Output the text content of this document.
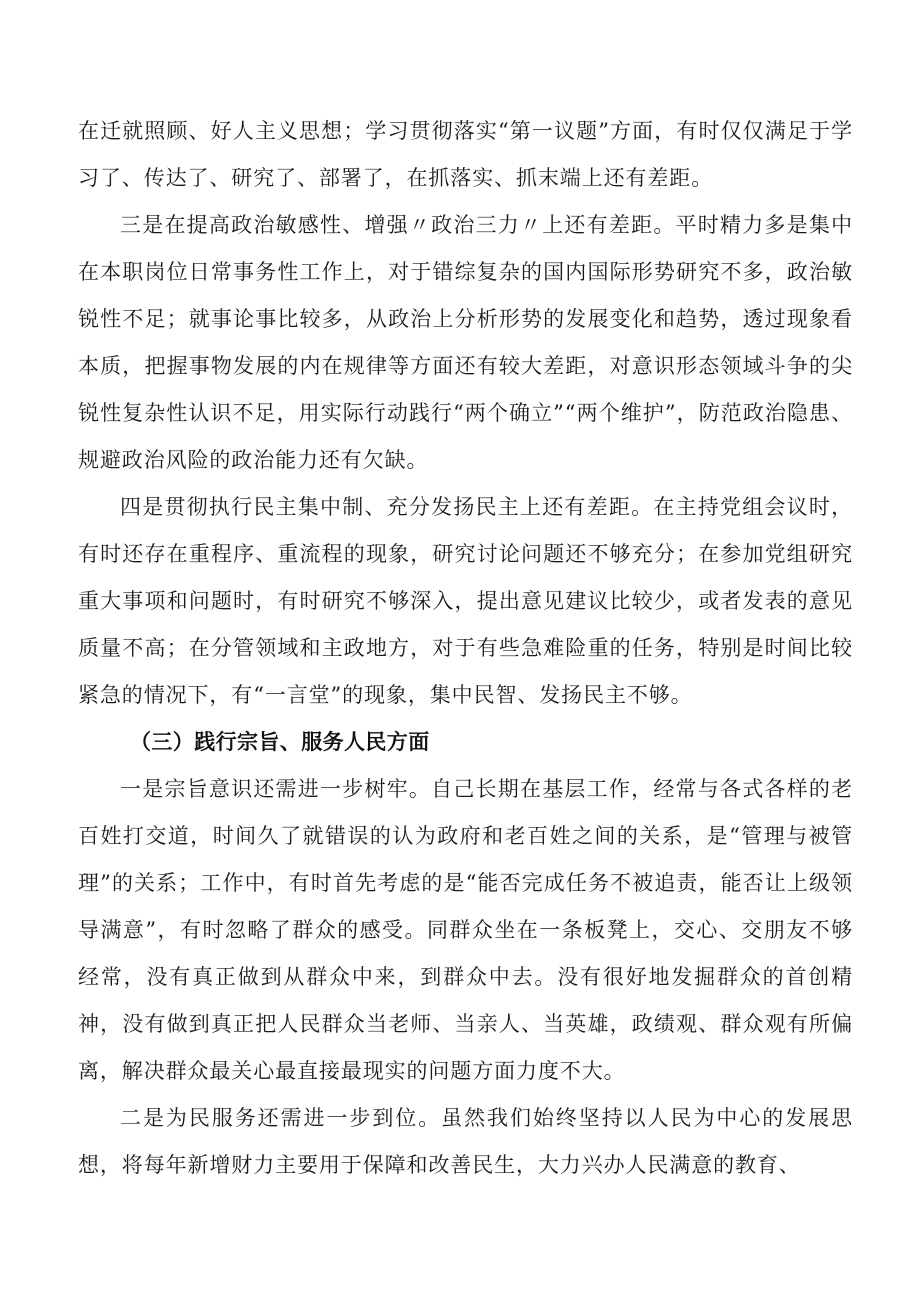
在迁就照顾、好人主义思想；学习贯彻落实“第一议题”方面，有时仅仅满足于学习了、传达了、研究了、部署了，在抓落实、抓末端上还有差距。

三是在提高政治敏感性、增强〃政治三力〃上还有差距。平时精力多是集中在本职岗位日常事务性工作上，对于错综复杂的国内国际形势研究不多，政治敏锐性不足；就事论事比较多，从政治上分析形势的发展变化和趋势，透过现象看本质，把握事物发展的内在规律等方面还有较大差距，对意识形态领域斗争的尖锐性复杂性认识不足，用实际行动践行“两个确立”“两个维护”，防范政治隐患、规避政治风险的政治能力还有欠缺。

四是贯彻执行民主集中制、充分发扬民主上还有差距。在主持党组会议时，有时还存在重程序、重流程的现象，研究讨论问题还不够充分；在参加党组研究重大事项和问题时，有时研究不够深入，提出意见建议比较少，或者发表的意见质量不高；在分管领域和主政地方，对于有些急难险重的任务，特别是时间比较紧急的情况下，有“一言堂”的现象，集中民智、发扬民主不够。

（三）践行宗旨、服务人民方面

一是宗旨意识还需进一步树牢。自己长期在基层工作，经常与各式各样的老百姓打交道，时间久了就错误的认为政府和老百姓之间的关系，是“管理与被管理”的关系；工作中，有时首先考虑的是“能否完成任务不被追责，能否让上级领导满意”，有时忽略了群众的感受。同群众坐在一条板凳上，交心、交朋友不够经常，没有真正做到从群众中来，到群众中去。没有很好地发掘群众的首创精神，没有做到真正把人民群众当老师、当亲人、当英雄，政绩观、群众观有所偏离，解决群众最关心最直接最现实的问题方面力度不大。

二是为民服务还需进一步到位。虽然我们始终坚持以人民为中心的发展思想，将每年新增财力主要用于保障和改善民生，大力兴办人民满意的教育、
